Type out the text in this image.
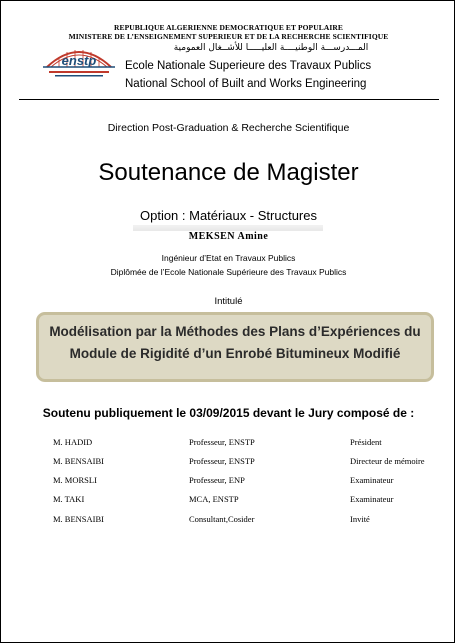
REPUBLIQUE ALGERIENNE DEMOCRATIQUE ET POPULAIRE
MINISTERE DE L’ENSEIGNEMENT SUPERIEUR ET DE LA RECHERCHE SCIENTIFIQUE
المـــدرســـة الوطنيــــة العليـــــا للأشــغال العمومية
enstp Ecole Nationale Superieure des Travaux Publics
National School of Built and Works Engineering
Direction Post-Graduation & Recherche Scientifique
Soutenance de Magister
Option : Matériaux - Structures
MEKSEN Amine
Ingénieur d’Etat en Travaux Publics
Diplômée de l’Ecole Nationale Supérieure des Travaux Publics
Intitulé
Modélisation par la Méthodes des Plans d’Expériences du
Module de Rigidité d’un Enrobé Bitumineux Modifié
Soutenu publiquement le 03/09/2015 devant le Jury composé de :
M. HADID	Professeur, ENSTP	Président
M. BENSAIBI	Professeur, ENSTP	Directeur de mémoire
M. MORSLI	Professeur, ENP	Examinateur
M. TAKI	MCA, ENSTP	Examinateur
M. BENSAIBI	Consultant,Cosider	Invité
